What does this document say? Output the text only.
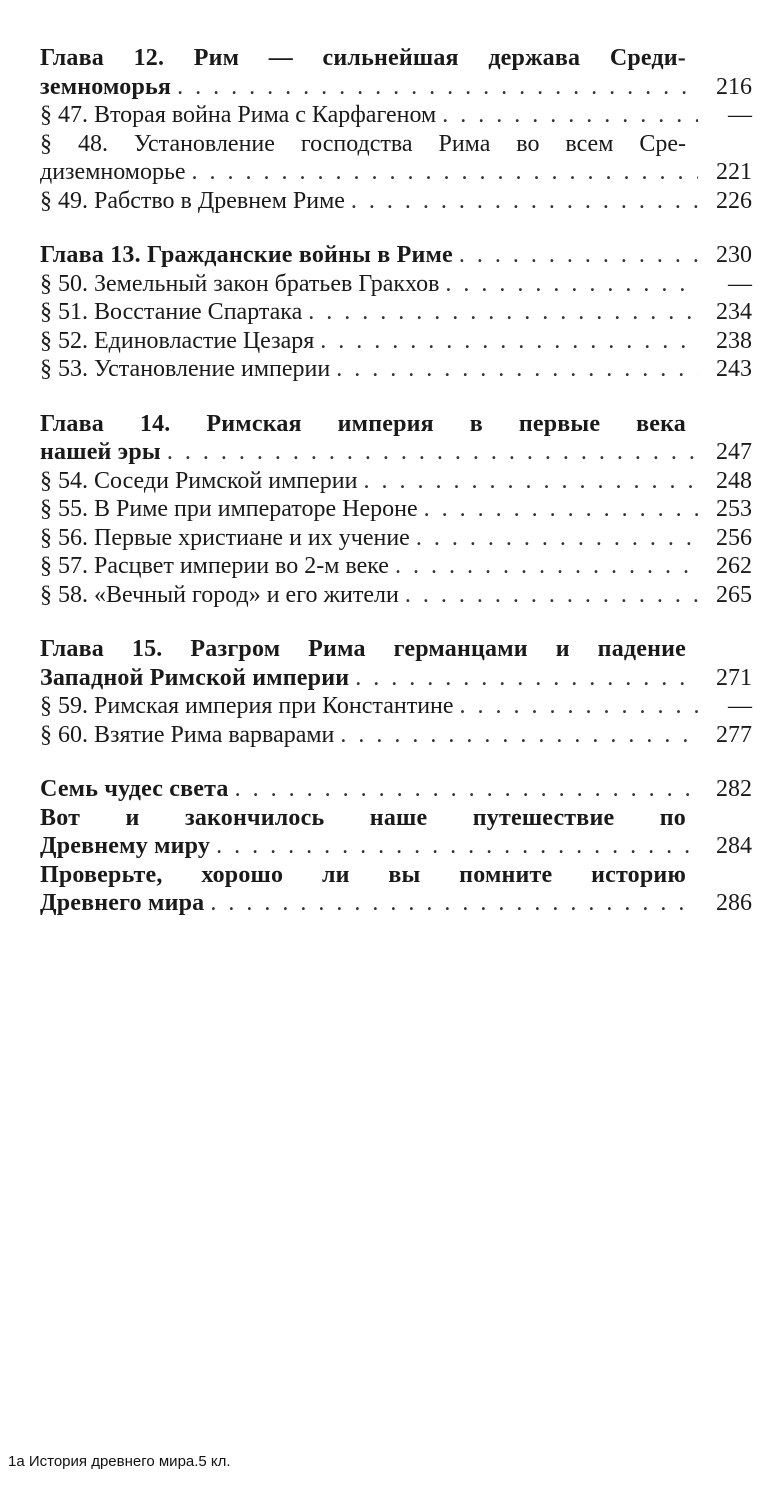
Глава 12. Рим — сильнейшая держава Среди-
земноморья . . .	216
§ 47. Вторая война Рима с Карфагеном . . .	—
§ 48. Установление господства Рима во всем Сре-
диземноморье . . .	221
§ 49. Рабство в Древнем Риме . . .	226
Глава 13. Гражданские войны в Риме . . .	230
§ 50. Земельный закон братьев Гракхов . . .	—
§ 51. Восстание Спартака . . .	234
§ 52. Единовластие Цезаря . . .	238
§ 53. Установление империи . . .	243
Глава 14. Римская империя в первые века
нашей эры . . .	247
§ 54. Соседи Римской империи . . .	248
§ 55. В Риме при императоре Нероне . . .	253
§ 56. Первые христиане и их учение . . .	256
§ 57. Расцвет империи во 2-м веке . . .	262
§ 58. «Вечный город» и его жители . . .	265
Глава 15. Разгром Рима германцами и падение
Западной Римской империи . . .	271
§ 59. Римская империя при Константине . . .	—
§ 60. Взятие Рима варварами . . .	277
Семь чудес света . . .	282
Вот и закончилось наше путешествие по
Древнему миру . . .	284
Проверьте, хорошо ли вы помните историю
Древнего мира . . .	286
1а История древнего мира.5 кл.
